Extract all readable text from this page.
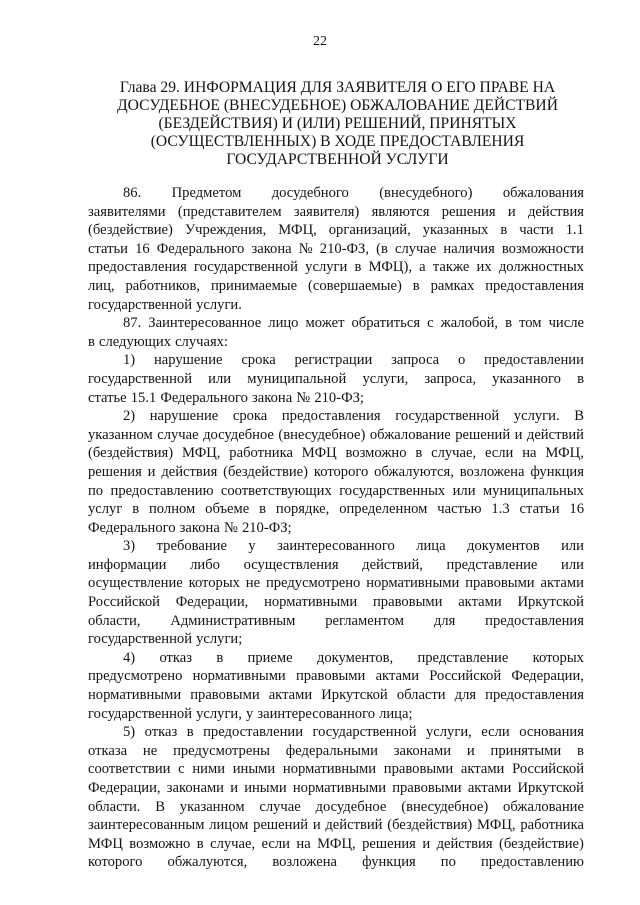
22
Глава 29. ИНФОРМАЦИЯ ДЛЯ ЗАЯВИТЕЛЯ О ЕГО ПРАВЕ НА
ДОСУДЕБНОЕ (ВНЕСУДЕБНОЕ) ОБЖАЛОВАНИЕ ДЕЙСТВИЙ
(БЕЗДЕЙСТВИЯ) И (ИЛИ) РЕШЕНИЙ, ПРИНЯТЫХ
(ОСУЩЕСТВЛЕННЫХ) В ХОДЕ ПРЕДОСТАВЛЕНИЯ
ГОСУДАРСТВЕННОЙ УСЛУГИ
86. Предметом досудебного (внесудебного) обжалования
заявителями (представителем заявителя) являются решения и действия
(бездействие) Учреждения, МФЦ, организаций, указанных в части 1.1
статьи 16 Федерального закона № 210-ФЗ, (в случае наличия возможности
предоставления государственной услуги в МФЦ), а также их должностных
лиц, работников, принимаемые (совершаемые) в рамках предоставления
государственной услуги.
87. Заинтересованное лицо может обратиться с жалобой, в том числе
в следующих случаях:
1) нарушение срока регистрации запроса о предоставлении
государственной или муниципальной услуги, запроса, указанного в
статье 15.1 Федерального закона № 210-ФЗ;
2) нарушение срока предоставления государственной услуги. В
указанном случае досудебное (внесудебное) обжалование решений и действий
(бездействия) МФЦ, работника МФЦ возможно в случае, если на МФЦ,
решения и действия (бездействие) которого обжалуются, возложена функция
по предоставлению соответствующих государственных или муниципальных
услуг в полном объеме в порядке, определенном частью 1.3 статьи 16
Федерального закона № 210-ФЗ;
3) требование у заинтересованного лица документов или
информации либо осуществления действий, представление или
осуществление которых не предусмотрено нормативными правовыми актами
Российской Федерации, нормативными правовыми актами Иркутской
области, Административным регламентом для предоставления
государственной услуги;
4) отказ в приеме документов, представление которых
предусмотрено нормативными правовыми актами Российской Федерации,
нормативными правовыми актами Иркутской области для предоставления
государственной услуги, у заинтересованного лица;
5) отказ в предоставлении государственной услуги, если основания
отказа не предусмотрены федеральными законами и принятыми в
соответствии с ними иными нормативными правовыми актами Российской
Федерации, законами и иными нормативными правовыми актами Иркутской
области. В указанном случае досудебное (внесудебное) обжалование
заинтересованным лицом решений и действий (бездействия) МФЦ, работника
МФЦ возможно в случае, если на МФЦ, решения и действия (бездействие)
которого обжалуются, возложена функция по предоставлению
